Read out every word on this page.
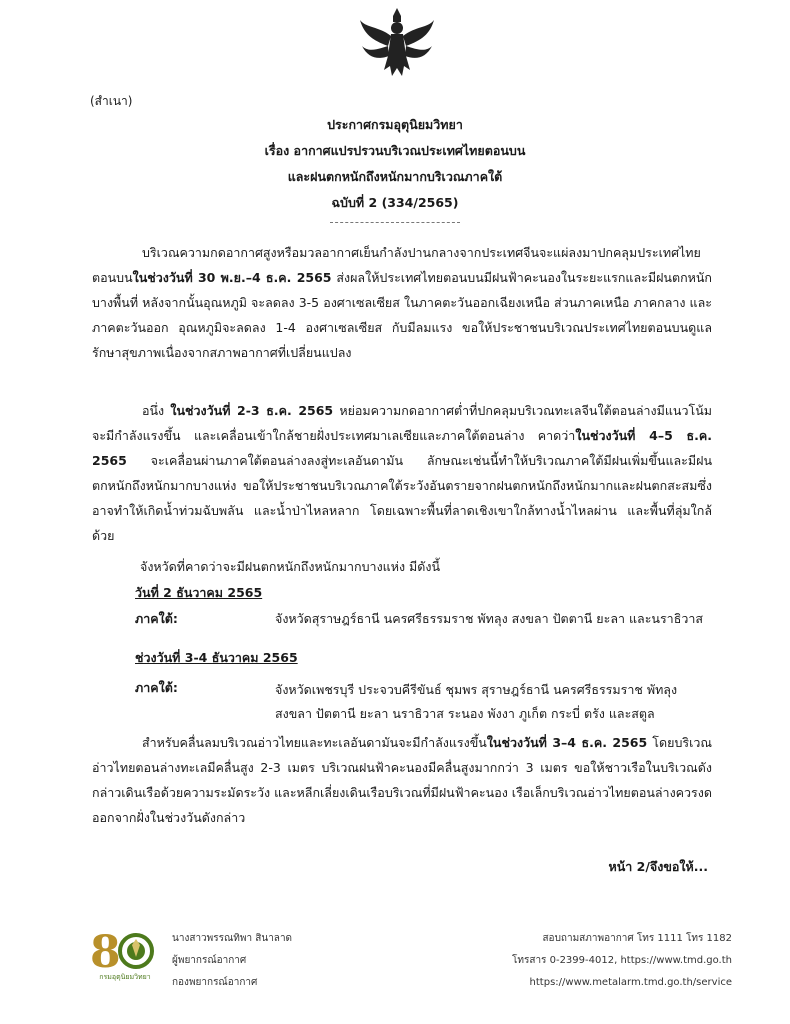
(สำเนา)
ประกาศกรมอุตุนิยมวิทยา
เรื่อง อากาศแปรปรวนบริเวณประเทศไทยตอนบน
และฝนตกหนักถึงหนักมากบริเวณภาคใต้
ฉบับที่ 2 (334/2565)
บริเวณความกดอากาศสูงหรือมวลอากาศเย็นกำลังปานกลางจากประเทศจีนจะแผ่ลงมาปกคลุมประเทศไทยตอนบนในช่วงวันที่ 30 พ.ย.–4 ธ.ค. 2565 ส่งผลให้ประเทศไทยตอนบนมีฝนฟ้าคะนองในระยะแรกและมีฝนตกหนักบางพื้นที่ หลังจากนั้นอุณหภูมิ จะลดลง 3-5 องศาเซลเซียส ในภาคตะวันออกเฉียงเหนือ ส่วนภาคเหนือ ภาคกลาง และภาคตะวันออก อุณหภูมิจะลดลง 1-4 องศาเซลเซียส กับมีลมแรง ขอให้ประชาชนบริเวณประเทศไทยตอนบนดูแลรักษาสุขภาพเนื่องจากสภาพอากาศที่เปลี่ยนแปลง
อนึ่ง ในช่วงวันที่ 2-3 ธ.ค. 2565 หย่อมความกดอากาศต่ำที่ปกคลุมบริเวณทะเลจีนใต้ตอนล่างมีแนวโน้มจะมีกำลังแรงขึ้น และเคลื่อนเข้าใกล้ชายฝั่งประเทศมาเลเซียและภาคใต้ตอนล่าง คาดว่าในช่วงวันที่ 4–5 ธ.ค. 2565 จะเคลื่อนผ่านภาคใต้ตอนล่างลงสู่ทะเลอันดามัน ลักษณะเช่นนี้ทำให้บริเวณภาคใต้มีฝนเพิ่มขึ้นและมีฝนตกหนักถึงหนักมากบางแห่ง ขอให้ประชาชนบริเวณภาคใต้ระวังอันตรายจากฝนตกหนักถึงหนักมากและฝนตกสะสมซึ่งอาจทำให้เกิดน้ำท่วมฉับพลัน และน้ำป่าไหลหลาก โดยเฉพาะพื้นที่ลาดเชิงเขาใกล้ทางน้ำไหลผ่าน และพื้นที่ลุ่มใกล้ด้วย
จังหวัดที่คาดว่าจะมีฝนตกหนักถึงหนักมากบางแห่ง มีดังนี้
วันที่ 2 ธันวาคม 2565
ภาคใต้:	จังหวัดสุราษฎร์ธานี นครศรีธรรมราช พัทลุง สงขลา ปัตตานี ยะลา และนราธิวาส
ช่วงวันที่ 3-4 ธันวาคม 2565
ภาคใต้:	จังหวัดเพชรบุรี ประจวบคีรีขันธ์ ชุมพร สุราษฎร์ธานี นครศรีธรรมราช พัทลุง สงขลา ปัตตานี ยะลา นราธิวาส ระนอง พังงา ภูเก็ต กระบี่ ตรัง และสตูล
สำหรับคลื่นลมบริเวณอ่าวไทยและทะเลอันดามันจะมีกำลังแรงขึ้นในช่วงวันที่ 3–4 ธ.ค. 2565 โดยบริเวณอ่าวไทยตอนล่างทะเลมีคลื่นสูง 2-3 เมตร บริเวณฝนฟ้าคะนองมีคลื่นสูงมากกว่า 3 เมตร ขอให้ชาวเรือในบริเวณดังกล่าวเดินเรือด้วยความระมัดระวัง และหลีกเลี่ยงเดินเรือบริเวณที่มีฝนฟ้าคะนอง เรือเล็กบริเวณอ่าวไทยตอนล่างควรงดออกจากฝั่งในช่วงวันดังกล่าว
หน้า 2/จึงขอให้...
8
กรมอุตุนิยมวิทยา
นางสาวพรรณทิพา สินาลาด
ผู้พยากรณ์อากาศ
กองพยากรณ์อากาศ
สอบถามสภาพอากาศ โทร 1111 โทร 1182
โทรสาร 0-2399-4012, https://www.tmd.go.th
https://www.metalarm.tmd.go.th/service
